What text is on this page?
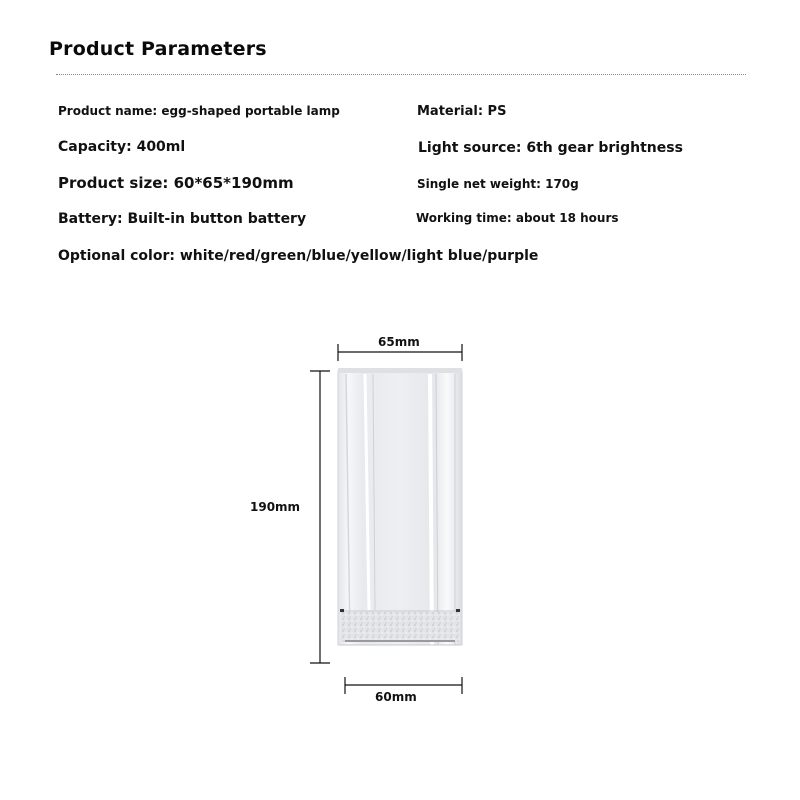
Product Parameters
Product name: egg-shaped portable lamp	Material: PS
Capacity: 400ml	Light source: 6th gear brightness
Product size: 60*65*190mm	Single net weight: 170g
Battery: Built-in button battery	Working time: about 18 hours
Optional color: white/red/green/blue/yellow/light blue/purple
65mm
190mm
60mm
